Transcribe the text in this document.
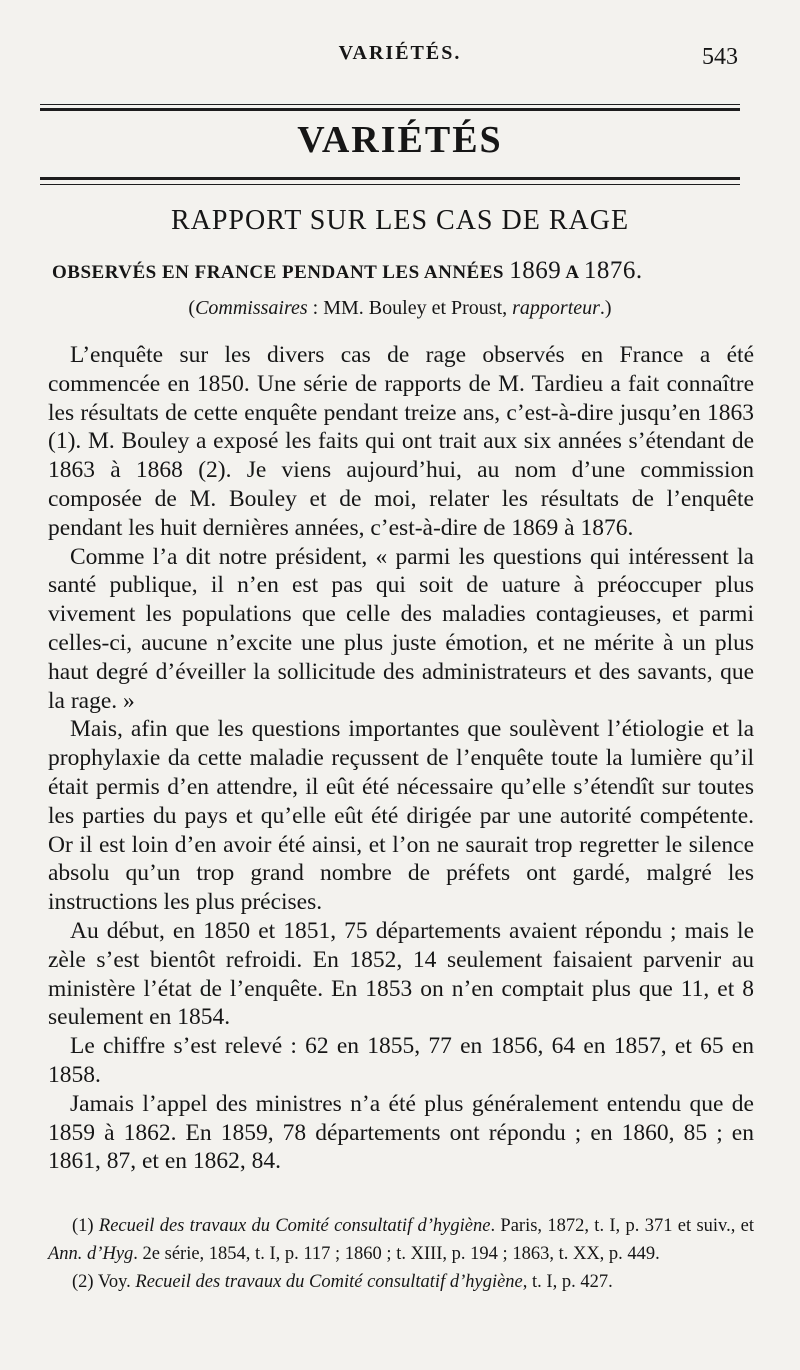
VARIÉTÉS.	543
VARIÉTÉS
RAPPORT SUR LES CAS DE RAGE
OBSERVÉS EN FRANCE PENDANT LES ANNÉES 1869 A 1876.
(Commissaires : MM. Bouley et Proust, rapporteur.)

L’enquête sur les divers cas de rage observés en France a été commencée en 1850. Une série de rapports de M. Tardieu a fait connaître les résultats de cette enquête pendant treize ans, c’est-à-dire jusqu’en 1863 (1). M. Bouley a exposé les faits qui ont trait aux six années s’étendant de 1863 à 1868 (2). Je viens aujourd’hui, au nom d’une commission composée de M. Bouley et de moi, relater les résultats de l’enquête pendant les huit dernières années, c’est-à-dire de 1869 à 1876.

Comme l’a dit notre président, « parmi les questions qui intéressent la santé publique, il n’en est pas qui soit de uature à préoccuper plus vivement les populations que celle des maladies contagieuses, et parmi celles-ci, aucune n’excite une plus juste émotion, et ne mérite à un plus haut degré d’éveiller la sollicitude des administrateurs et des savants, que la rage. »

Mais, afin que les questions importantes que soulèvent l’étiologie et la prophylaxie da cette maladie reçussent de l’enquête toute la lumière qu’il était permis d’en attendre, il eût été nécessaire qu’elle s’étendît sur toutes les parties du pays et qu’elle eût été dirigée par une autorité compétente. Or il est loin d’en avoir été ainsi, et l’on ne saurait trop regretter le silence absolu qu’un trop grand nombre de préfets ont gardé, malgré les instructions les plus précises.

Au début, en 1850 et 1851, 75 départements avaient répondu ; mais le zèle s’est bientôt refroidi. En 1852, 14 seulement faisaient parvenir au ministère l’état de l’enquête. En 1853 on n’en comptait plus que 11, et 8 seulement en 1854.

Le chiffre s’est relevé : 62 en 1855, 77 en 1856, 64 en 1857, et 65 en 1858.

Jamais l’appel des ministres n’a été plus généralement entendu que de 1859 à 1862. En 1859, 78 départements ont répondu ; en 1860, 85 ; en 1861, 87, et en 1862, 84.

(1) Recueil des travaux du Comité consultatif d’hygiène. Paris, 1872, t. I, p. 371 et suiv., et Ann. d’Hyg. 2e série, 1854, t. I, p. 117 ; 1860 ; t. XIII, p. 194 ; 1863, t. XX, p. 449.

(2) Voy. Recueil des travaux du Comité consultatif d’hygiène, t. I, p. 427.
